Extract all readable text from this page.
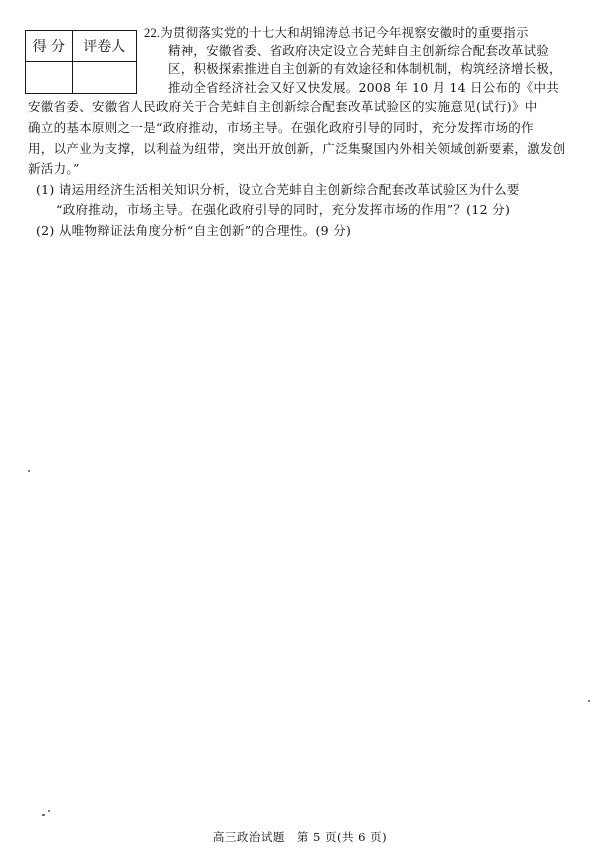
得 分	评卷人

22.为贯彻落实党的十七大和胡锦涛总书记今年视察安徽时的重要指示
精神，安徽省委、省政府决定设立合芜蚌自主创新综合配套改革试验
区，积极探索推进自主创新的有效途径和体制机制，构筑经济增长极，
推动全省经济社会又好又快发展。2008 年 10 月 14 日公布的《中共
安徽省委、安徽省人民政府关于合芜蚌自主创新综合配套改革试验区的实施意见(试行)》中
确立的基本原则之一是“政府推动，市场主导。在强化政府引导的同时，充分发挥市场的作
用，以产业为支撑，以利益为纽带，突出开放创新，广泛集聚国内外相关领域创新要素，激发创
新活力。”
(1) 请运用经济生活相关知识分析，设立合芜蚌自主创新综合配套改革试验区为什么要
“政府推动，市场主导。在强化政府引导的同时，充分发挥市场的作用”？(12 分)
(2) 从唯物辩证法角度分析“自主创新”的合理性。(9 分)
高三政治试题　第 5 页(共 6 页)
